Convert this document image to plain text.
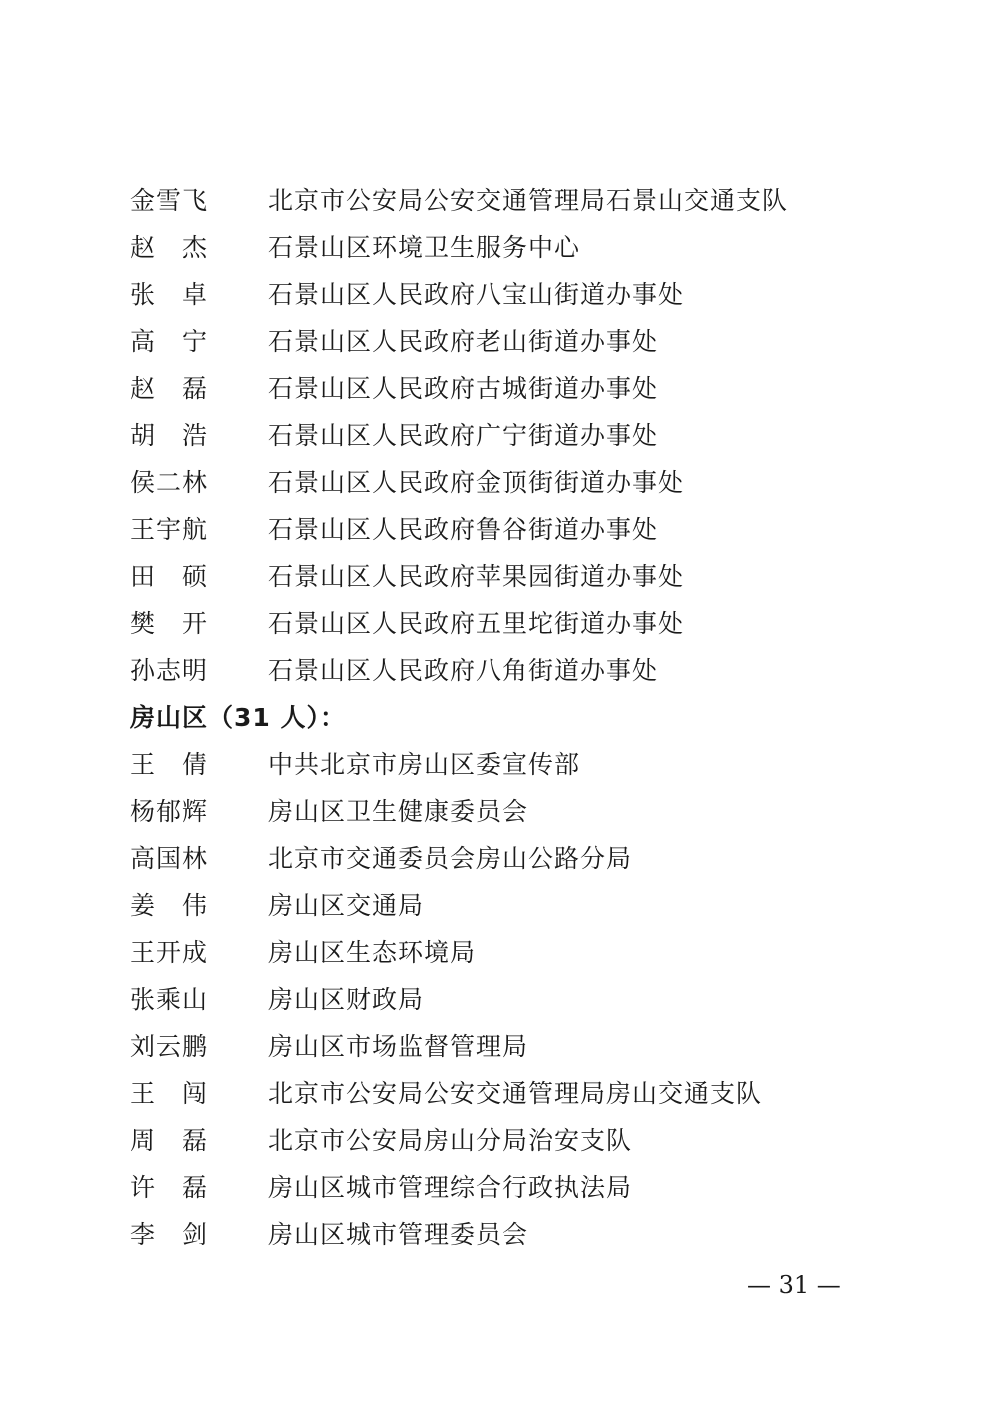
金雪飞	北京市公安局公安交通管理局石景山交通支队
赵　杰	石景山区环境卫生服务中心
张　卓	石景山区人民政府八宝山街道办事处
高　宁	石景山区人民政府老山街道办事处
赵　磊	石景山区人民政府古城街道办事处
胡　浩	石景山区人民政府广宁街道办事处
侯二林	石景山区人民政府金顶街街道办事处
王宇航	石景山区人民政府鲁谷街道办事处
田　硕	石景山区人民政府苹果园街道办事处
樊　开	石景山区人民政府五里坨街道办事处
孙志明	石景山区人民政府八角街道办事处
房山区（31 人）：
王　倩	中共北京市房山区委宣传部
杨郁辉	房山区卫生健康委员会
高国林	北京市交通委员会房山公路分局
姜　伟	房山区交通局
王开成	房山区生态环境局
张乘山	房山区财政局
刘云鹏	房山区市场监督管理局
王　闯	北京市公安局公安交通管理局房山交通支队
周　磊	北京市公安局房山分局治安支队
许　磊	房山区城市管理综合行政执法局
李　剑	房山区城市管理委员会
— 31 —
